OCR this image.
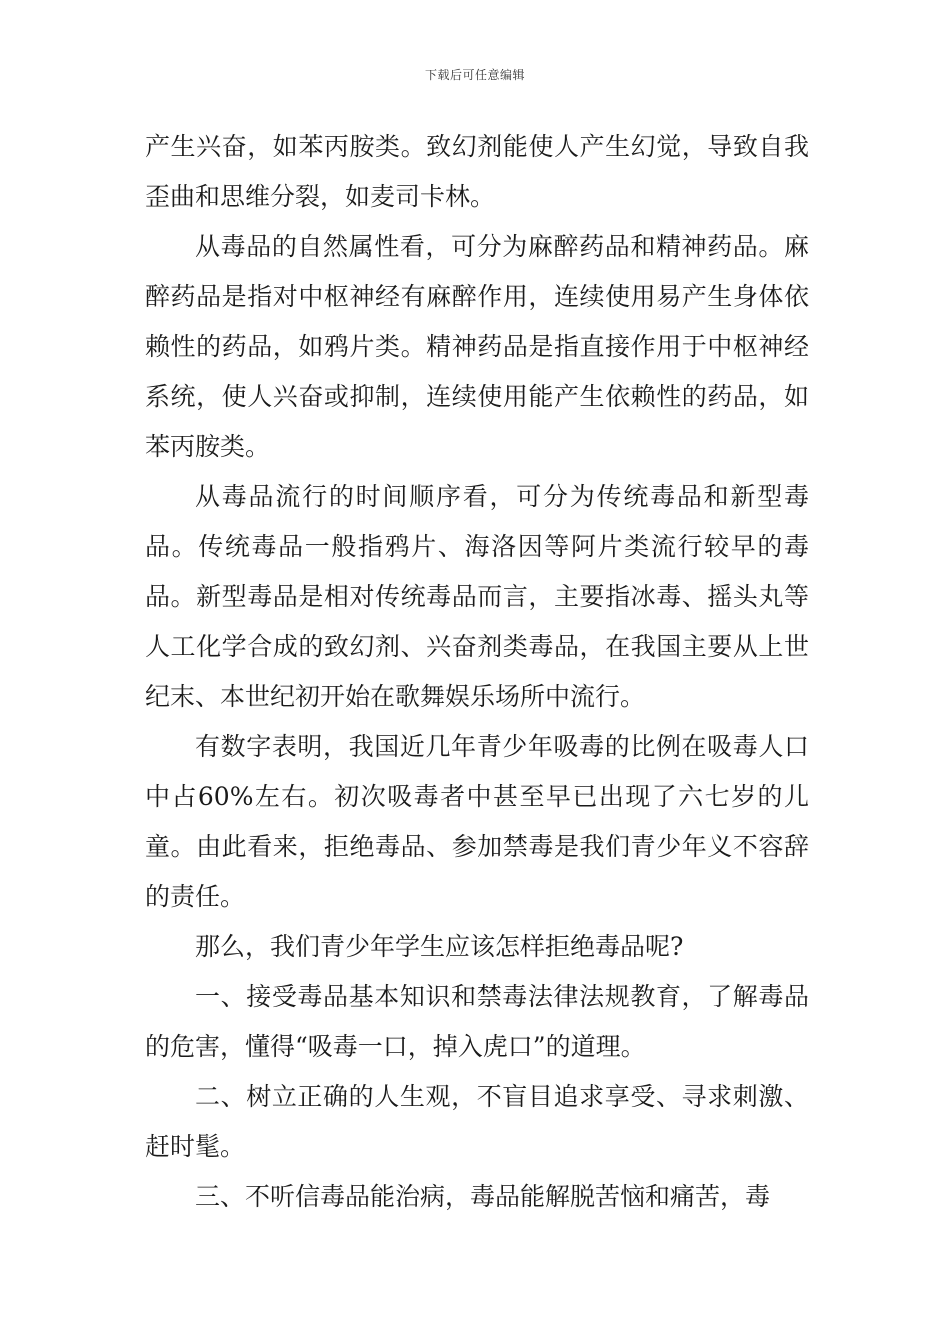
下载后可任意编辑

产生兴奋，如苯丙胺类。致幻剂能使人产生幻觉，导致自我歪曲和思维分裂，如麦司卡林。

从毒品的自然属性看，可分为麻醉药品和精神药品。麻醉药品是指对中枢神经有麻醉作用，连续使用易产生身体依赖性的药品，如鸦片类。精神药品是指直接作用于中枢神经系统，使人兴奋或抑制，连续使用能产生依赖性的药品，如苯丙胺类。

从毒品流行的时间顺序看，可分为传统毒品和新型毒品。传统毒品一般指鸦片、海洛因等阿片类流行较早的毒品。新型毒品是相对传统毒品而言，主要指冰毒、摇头丸等人工化学合成的致幻剂、兴奋剂类毒品，在我国主要从上世纪末、本世纪初开始在歌舞娱乐场所中流行。

有数字表明，我国近几年青少年吸毒的比例在吸毒人口中占60%左右。初次吸毒者中甚至早已出现了六七岁的儿童。由此看来，拒绝毒品、参加禁毒是我们青少年义不容辞的责任。

那么，我们青少年学生应该怎样拒绝毒品呢?

一、接受毒品基本知识和禁毒法律法规教育，了解毒品的危害，懂得“吸毒一口，掉入虎口”的道理。

二、树立正确的人生观，不盲目追求享受、寻求刺激、赶时髦。

三、不听信毒品能治病，毒品能解脱苦恼和痛苦，毒
